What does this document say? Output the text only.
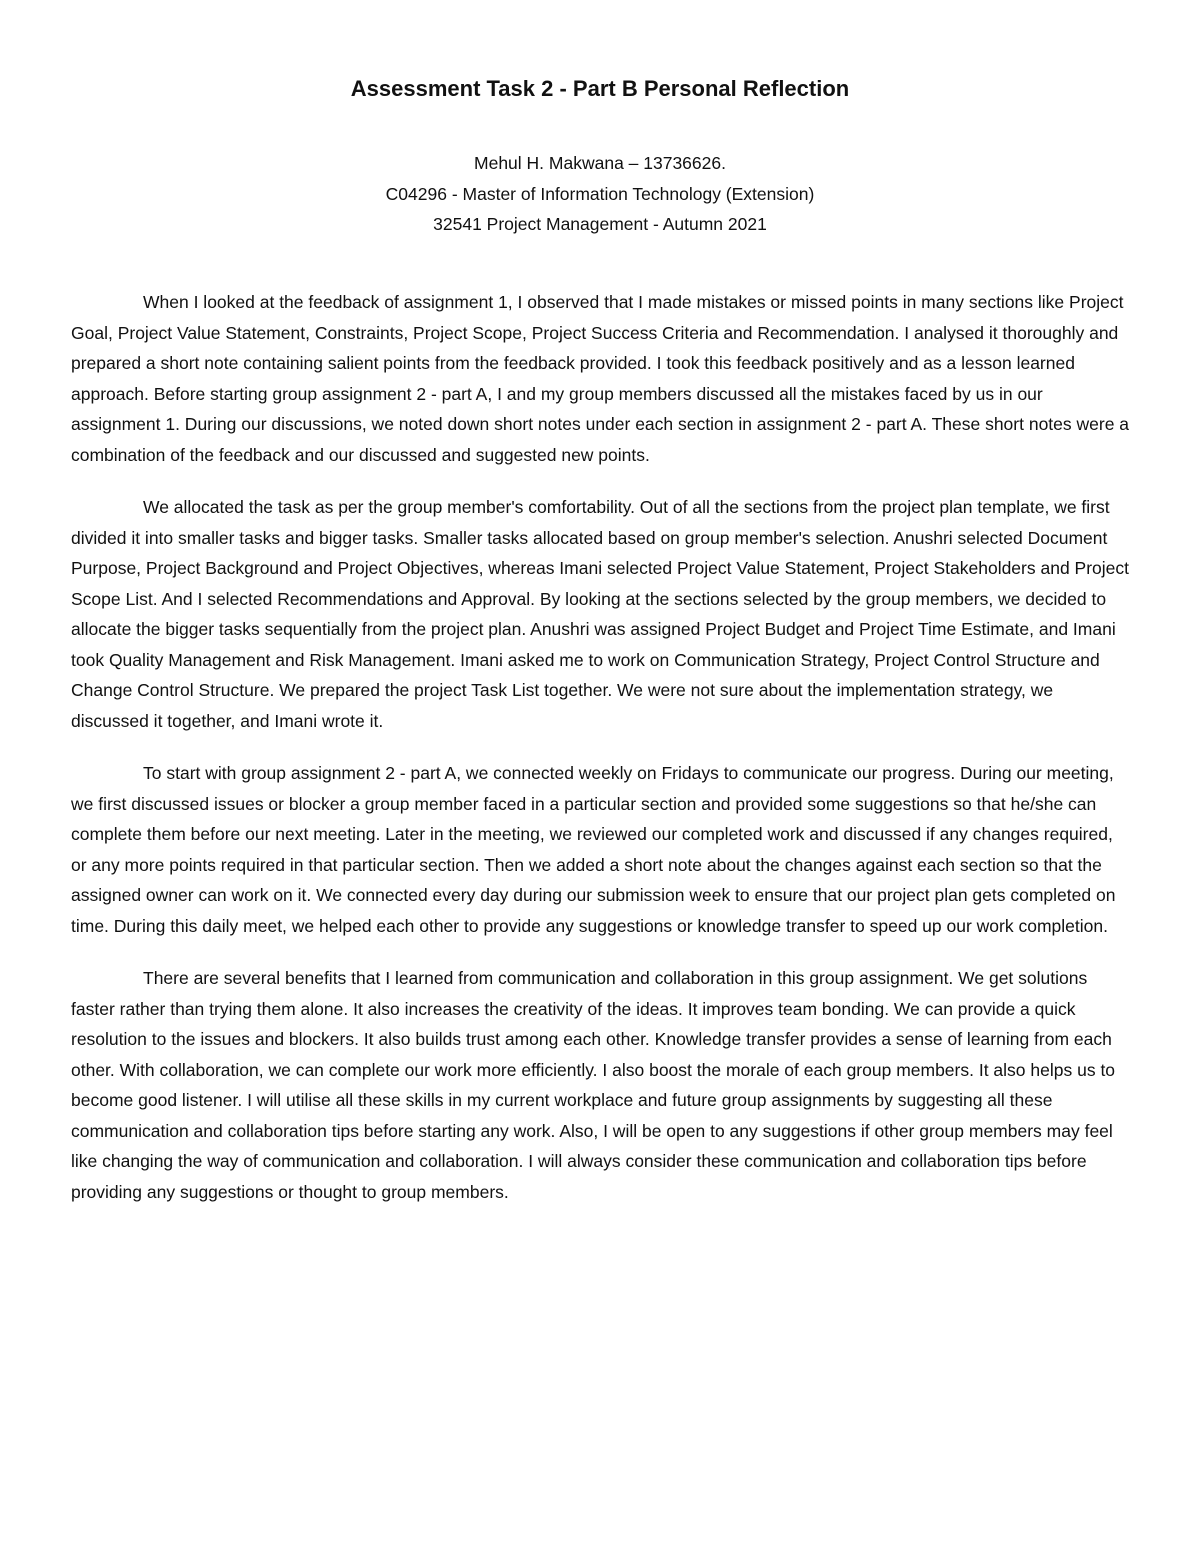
Assessment Task 2 - Part B Personal Reflection
Mehul H. Makwana – 13736626.
C04296 - Master of Information Technology (Extension)
32541 Project Management - Autumn 2021

When I looked at the feedback of assignment 1, I observed that I made mistakes or missed points in many sections like Project Goal, Project Value Statement, Constraints, Project Scope, Project Success Criteria and Recommendation. I analysed it thoroughly and prepared a short note containing salient points from the feedback provided. I took this feedback positively and as a lesson learned approach. Before starting group assignment 2 - part A, I and my group members discussed all the mistakes faced by us in our assignment 1. During our discussions, we noted down short notes under each section in assignment 2 - part A. These short notes were a combination of the feedback and our discussed and suggested new points.

We allocated the task as per the group member's comfortability. Out of all the sections from the project plan template, we first divided it into smaller tasks and bigger tasks. Smaller tasks allocated based on group member's selection. Anushri selected Document Purpose, Project Background and Project Objectives, whereas Imani selected Project Value Statement, Project Stakeholders and Project Scope List. And I selected Recommendations and Approval. By looking at the sections selected by the group members, we decided to allocate the bigger tasks sequentially from the project plan. Anushri was assigned Project Budget and Project Time Estimate, and Imani took Quality Management and Risk Management. Imani asked me to work on Communication Strategy, Project Control Structure and Change Control Structure. We prepared the project Task List together. We were not sure about the implementation strategy, we discussed it together, and Imani wrote it.

To start with group assignment 2 - part A, we connected weekly on Fridays to communicate our progress. During our meeting, we first discussed issues or blocker a group member faced in a particular section and provided some suggestions so that he/she can complete them before our next meeting. Later in the meeting, we reviewed our completed work and discussed if any changes required, or any more points required in that particular section. Then we added a short note about the changes against each section so that the assigned owner can work on it. We connected every day during our submission week to ensure that our project plan gets completed on time. During this daily meet, we helped each other to provide any suggestions or knowledge transfer to speed up our work completion.

There are several benefits that I learned from communication and collaboration in this group assignment. We get solutions faster rather than trying them alone. It also increases the creativity of the ideas. It improves team bonding. We can provide a quick resolution to the issues and blockers. It also builds trust among each other. Knowledge transfer provides a sense of learning from each other. With collaboration, we can complete our work more efficiently. I also boost the morale of each group members. It also helps us to become good listener. I will utilise all these skills in my current workplace and future group assignments by suggesting all these communication and collaboration tips before starting any work. Also, I will be open to any suggestions if other group members may feel like changing the way of communication and collaboration. I will always consider these communication and collaboration tips before providing any suggestions or thought to group members.
